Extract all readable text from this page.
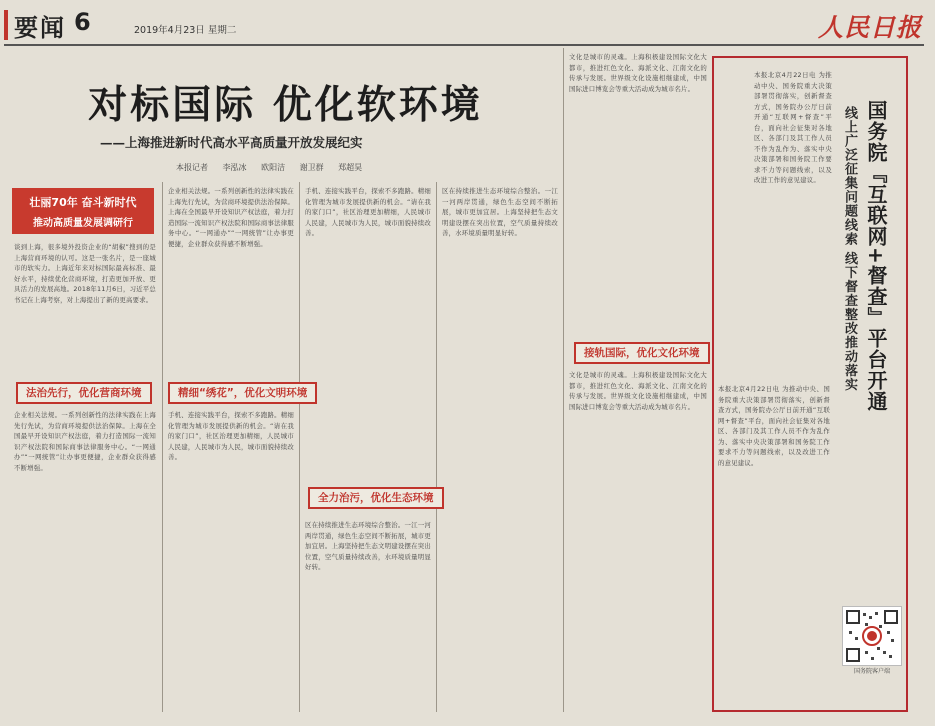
要闻 6	2019年4月23日 星期二	人民日报
对标国际 优化软环境
——上海推进新时代高水平高质量开放发展纪实
本报记者 李泓冰 欧阳洁 谢卫群 郑超昊
壮丽70年 奋斗新时代
推动高质量发展调研行
谈到上海，很多境外投资企业的“胡椒”搜到的是上海营商环境的认可。这是一张名片，是一座城市的软实力。上海近年来对标国际最高标准、最好水平，持续优化营商环境，打造更加开放、更具活力的发展高地。2018年11月6日，习近平总书记在上海考察，对上海提出了新的更高要求。
企业相关法规。一系列创新性的法律实践在上海先行先试，为营商环境提供法治保障。上海在全国最早开设知识产权法庭，着力打造国际一流知识产权法院和国际商事法律服务中心。“一网通办”“一网统管”让办事更便捷，企业群众获得感不断增强。
企业相关法规。一系列创新性的法律实践在上海先行先试，为营商环境提供法治保障。上海在全国最早开设知识产权法庭，着力打造国际一流知识产权法院和国际商事法律服务中心。“一网通办”“一网统管”让办事更便捷，企业群众获得感不断增强。
手机、连接实践平台，探索不多跑路。精细化管理为城市发展提供新的机会。“请在我的家门口”，社区治理更加精细，人民城市人民建，人民城市为人民，城市面貌持续改善。
手机、连接实践平台，探索不多跑路。精细化管理为城市发展提供新的机会。“请在我的家门口”，社区治理更加精细，人民城市人民建，人民城市为人民，城市面貌持续改善。
区在持续推进生态环境综合整治。一江一河两岸贯通，绿色生态空间不断拓展，城市更加宜居。上海坚持把生态文明建设摆在突出位置，空气质量持续改善，水环境质量明显好转。
区在持续推进生态环境综合整治。一江一河两岸贯通，绿色生态空间不断拓展，城市更加宜居。上海坚持把生态文明建设摆在突出位置，空气质量持续改善，水环境质量明显好转。
文化是城市的灵魂。上海积极建设国际文化大都市，推进红色文化、海派文化、江南文化的传承与发展。世界级文化设施相继建成，中国国际进口博览会等重大活动成为城市名片。
文化是城市的灵魂。上海积极建设国际文化大都市，推进红色文化、海派文化、江南文化的传承与发展。世界级文化设施相继建成，中国国际进口博览会等重大活动成为城市名片。
法治先行，优化营商环境	精细“绣花”，优化文明环境
全力治污，优化生态环境
接轨国际，优化文化环境
本报北京4月22日电 为推动中央、国务院重大决策部署贯彻落实，创新督查方式，国务院办公厅日前开通“互联网+督查”平台，面向社会征集对各地区、各部门及其工作人员不作为乱作为、落实中央决策部署和国务院工作要求不力等问题线索，以及改进工作的意见建议。
本报北京4月22日电 为推动中央、国务院重大决策部署贯彻落实，创新督查方式，国务院办公厅日前开通“互联网+督查”平台，面向社会征集对各地区、各部门及其工作人员不作为乱作为、落实中央决策部署和国务院工作要求不力等问题线索，以及改进工作的意见建议。
国务院『互联网+督查』平台开通
线上广泛征集问题线索 线下督查整改推动落实
国务院客户端
